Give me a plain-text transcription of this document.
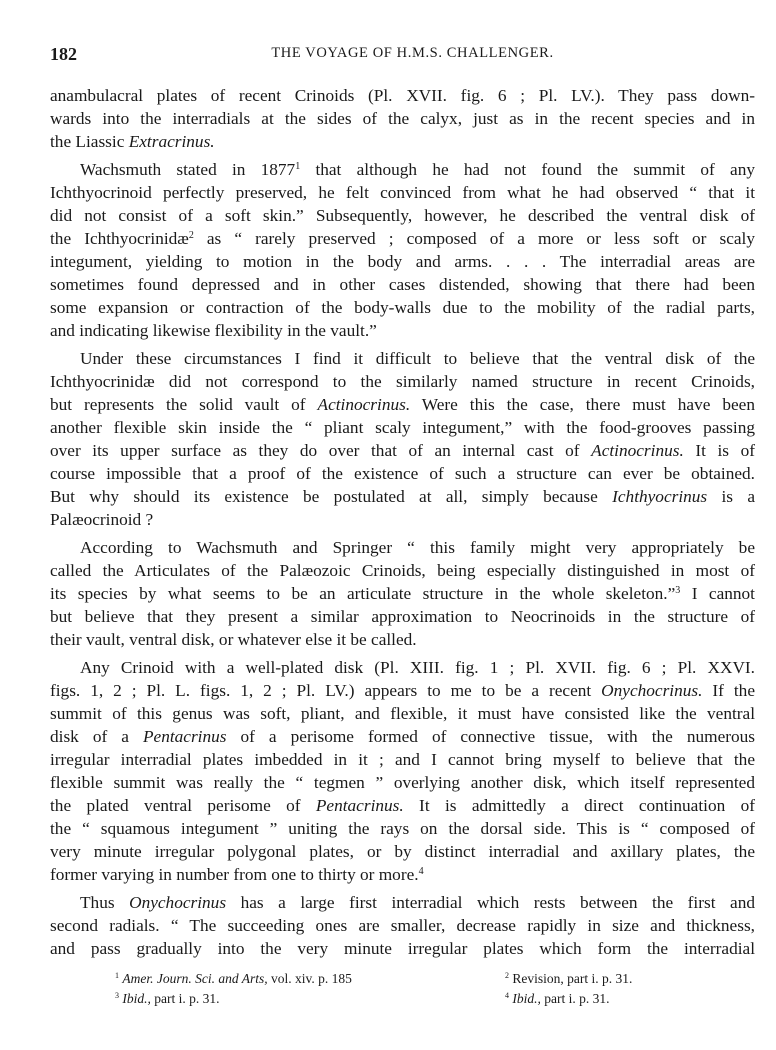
182	THE VOYAGE OF H.M.S. CHALLENGER.
anambulacral plates of recent Crinoids (Pl. XVII. fig. 6 ; Pl. LV.). They pass down-
wards into the interradials at the sides of the calyx, just as in the recent species and in
the Liassic Extracrinus.
Wachsmuth stated in 1877$^1$ that although he had not found the summit of any
Ichthyocrinoid perfectly preserved, he felt convinced from what he had observed “ that it
did not consist of a soft skin.” Subsequently, however, he described the ventral disk of
the Ichthyocrinidæ$^2$ as “ rarely preserved ; composed of a more or less soft or scaly
integument, yielding to motion in the body and arms. . . . The interradial areas are
sometimes found depressed and in other cases distended, showing that there had been
some expansion or contraction of the body-walls due to the mobility of the radial parts,
and indicating likewise flexibility in the vault.”
Under these circumstances I find it difficult to believe that the ventral disk of the
Ichthyocrinidæ did not correspond to the similarly named structure in recent Crinoids,
but represents the solid vault of Actinocrinus. Were this the case, there must have been
another flexible skin inside the “ pliant scaly integument,” with the food-grooves passing
over its upper surface as they do over that of an internal cast of Actinocrinus. It is of
course impossible that a proof of the existence of such a structure can ever be obtained.
But why should its existence be postulated at all, simply because Ichthyocrinus is a
Palæocrinoid ?
According to Wachsmuth and Springer “ this family might very appropriately be
called the Articulates of the Palæozoic Crinoids, being especially distinguished in most of
its species by what seems to be an articulate structure in the whole skeleton.”$^3$ I cannot
but believe that they present a similar approximation to Neocrinoids in the structure of
their vault, ventral disk, or whatever else it be called.
Any Crinoid with a well-plated disk (Pl. XIII. fig. 1 ; Pl. XVII. fig. 6 ; Pl. XXVI.
figs. 1, 2 ; Pl. L. figs. 1, 2 ; Pl. LV.) appears to me to be a recent Onychocrinus. If the
summit of this genus was soft, pliant, and flexible, it must have consisted like the ventral
disk of a Pentacrinus of a perisome formed of connective tissue, with the numerous
irregular interradial plates imbedded in it ; and I cannot bring myself to believe that the
flexible summit was really the “ tegmen ” overlying another disk, which itself represented
the plated ventral perisome of Pentacrinus. It is admittedly a direct continuation of
the “ squamous integument ” uniting the rays on the dorsal side. This is “ composed of
very minute irregular polygonal plates, or by distinct interradial and axillary plates, the
former varying in number from one to thirty or more.$^4$
Thus Onychocrinus has a large first interradial which rests between the first and
second radials. “ The succeeding ones are smaller, decrease rapidly in size and thickness,
and pass gradually into the very minute irregular plates which form the interradial
$^1$ Amer. Journ. Sci. and Arts, vol. xiv. p. 185
$^3$ Ibid., part i. p. 31.
$^2$ Revision, part i. p. 31.
$^4$ Ibid., part i. p. 31.
